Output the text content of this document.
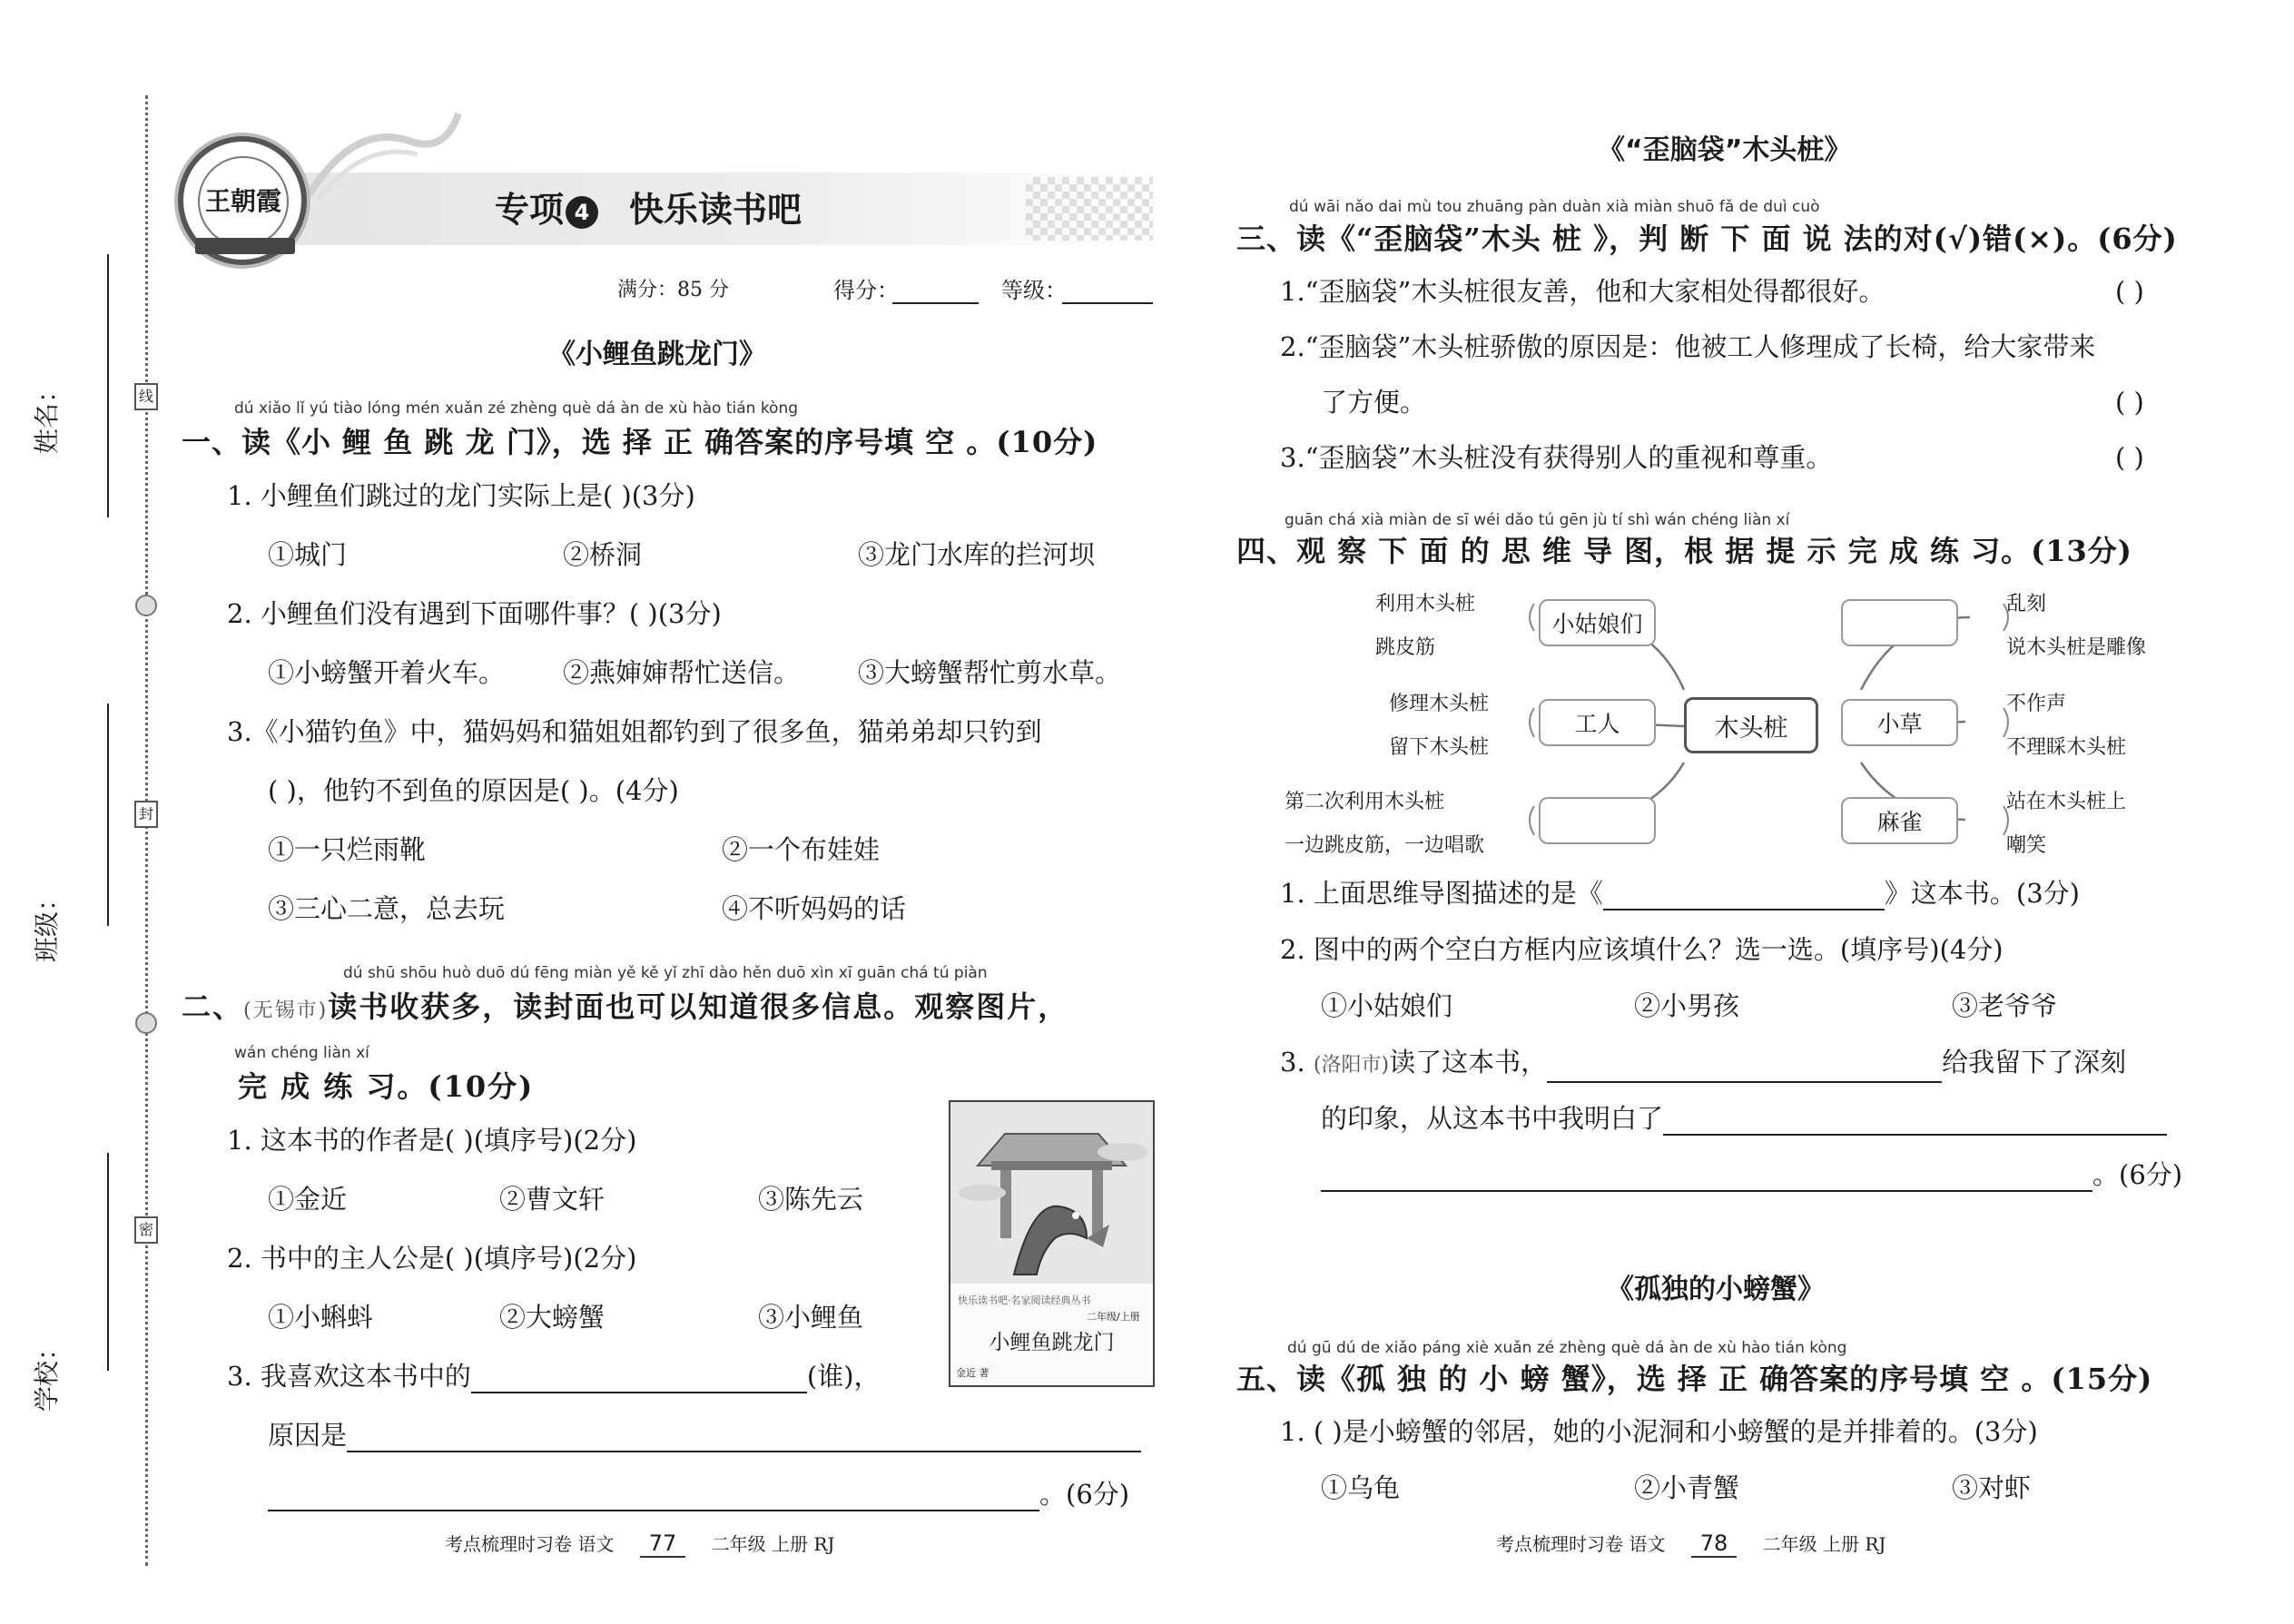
姓名：
班级：
学校：
线
封
密
王朝霞	专项 4 快乐读书吧
满分：85 分	得分：	等级：
《小鲤鱼跳龙门》
dú xiǎo lǐ yú tiào lóng mén xuǎn zé zhèng què dá àn de xù hào tián kòng
一、读《小 鲤 鱼 跳 龙 门》，选 择 正 确答案的序号填 空 。(10分)
1. 小鲤鱼们跳过的龙门实际上是( )(3分)
①城门	②桥洞	③龙门水库的拦河坝
2. 小鲤鱼们没有遇到下面哪件事？( )(3分)
①小螃蟹开着火车。 ②燕婶婶帮忙送信。 ③大螃蟹帮忙剪水草。
3.《小猫钓鱼》中，猫妈妈和猫姐姐都钓到了很多鱼，猫弟弟却只钓到
( )，他钓不到鱼的原因是( )。(4分)
①一只烂雨靴	②一个布娃娃
③三心二意，总去玩	④不听妈妈的话
dú shū shōu huò duō dú fēng miàn yě kě yǐ zhī dào hěn duō xìn xī guān chá tú piàn
二、(无锡市)读书收获多，读封面也可以知道很多信息。观察图片，
wán chéng liàn xí
完 成 练 习。(10分)
1. 这本书的作者是( )(填序号)(2分)
①金近	②曹文轩	③陈先云
2. 书中的主人公是( )(填序号)(2分)
①小蝌蚪	②大螃蟹	③小鲤鱼
3. 我喜欢这本书中的	(谁)，
原因是
。(6分)
快乐读书吧·名家阅读经典丛书
二年级/上册
小鲤鱼跳龙门
金近 著
考点梳理时习卷 语文 77 二年级 上册 RJ
《“歪脑袋”木头桩》
dú wāi nǎo dai mù tou zhuāng pàn duàn xià miàn shuō fǎ de duì cuò
三、读《“歪脑袋”木头 桩 》，判 断 下 面 说 法的对(√)错(×)。(6分)
1.“歪脑袋”木头桩很友善，他和大家相处得都很好。	( )
2.“歪脑袋”木头桩骄傲的原因是：他被工人修理成了长椅，给大家带来
了方便。	( )
3.“歪脑袋”木头桩没有获得别人的重视和尊重。	( )
guān chá xià miàn de sī wéi dǎo tú gēn jù tí shì wán chéng liàn xí
四、观 察 下 面 的 思 维 导 图，根 据 提 示 完 成 练 习。(13分)
木头桩
小姑娘们
工人	小草
麻雀
利用木头桩
跳皮筋
修理木头桩
留下木头桩
第二次利用木头桩
一边跳皮筋，一边唱歌
乱刻
说木头桩是雕像
不作声
不理睬木头桩
站在木头桩上
嘲笑
1. 上面思维导图描述的是《	》这本书。(3分)
2. 图中的两个空白方框内应该填什么？选一选。(填序号)(4分)
①小姑娘们	②小男孩	③老爷爷
3. (洛阳市)读了这本书，	给我留下了深刻
的印象，从这本书中我明白了
。(6分)
《孤独的小螃蟹》
dú gū dú de xiǎo páng xiè xuǎn zé zhèng què dá àn de xù hào tián kòng
五、读《孤 独 的 小 螃 蟹》，选 择 正 确答案的序号填 空 。(15分)
1. ( )是小螃蟹的邻居，她的小泥洞和小螃蟹的是并排着的。(3分)
①乌龟	②小青蟹	③对虾
考点梳理时习卷 语文 78 二年级 上册 RJ
